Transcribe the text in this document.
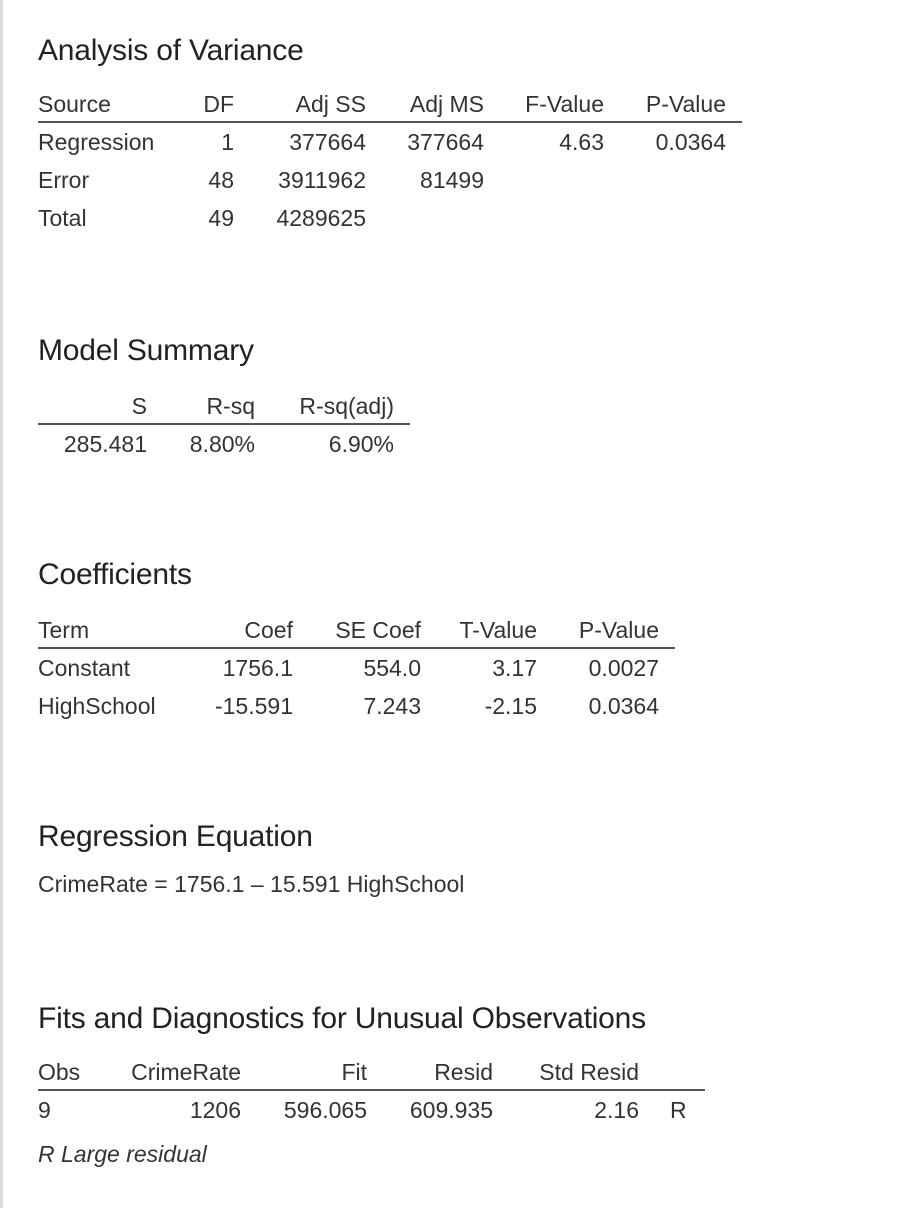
Analysis of Variance
Source	DF	Adj SS	Adj MS	F-Value	P-Value
Regression	1	377664	377664	4.63	0.0364
Error	48	3911962	81499		
Total	49	4289625			
Model Summary
S	R-sq	R-sq(adj)
285.481	8.80%	6.90%
Coefficients
Term	Coef	SE Coef	T-Value	P-Value
Constant	1756.1	554.0	3.17	0.0027
HighSchool	-15.591	7.243	-2.15	0.0364
Regression Equation
CrimeRate = 1756.1 – 15.591 HighSchool
Fits and Diagnostics for Unusual Observations
Obs	CrimeRate	Fit	Resid	Std Resid	
9	1206	596.065	609.935	2.16	R
R Large residual
